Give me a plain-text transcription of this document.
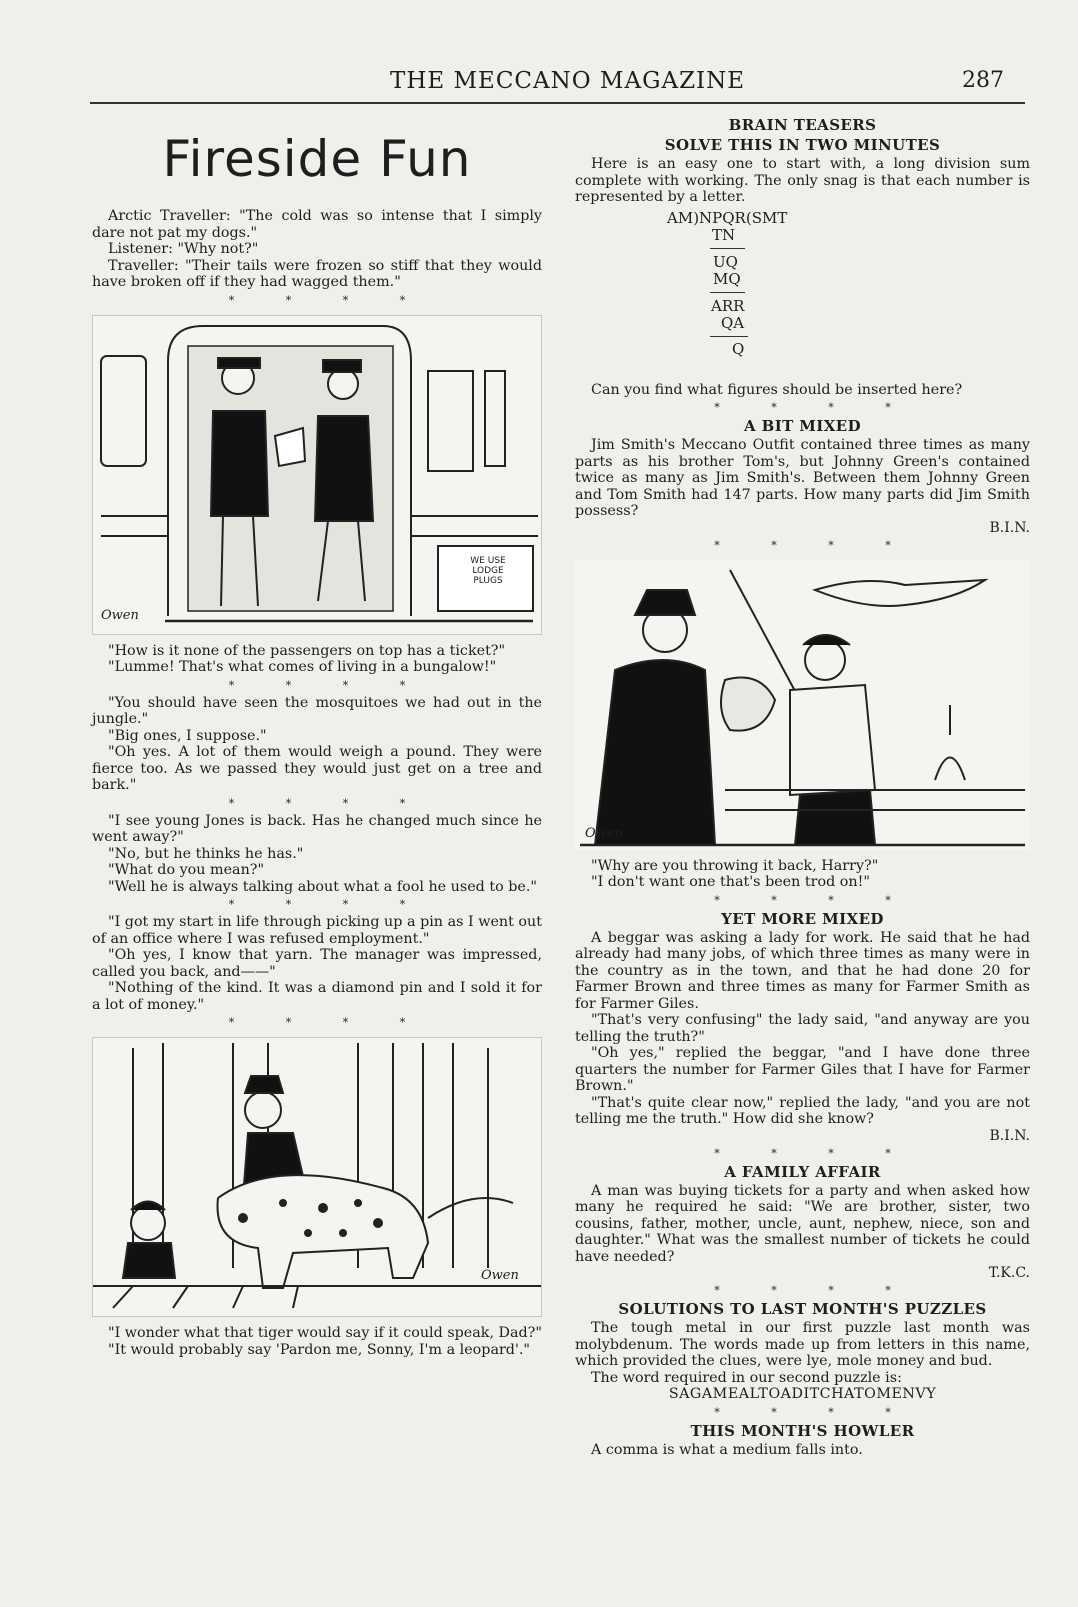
THE MECCANO MAGAZINE	287
Fireside Fun

Arctic Traveller: "The cold was so intense that I simply dare not pat my dogs."

Listener: "Why not?"

Traveller: "Their tails were frozen so stiff that they would have broken off if they had wagged them."

* * * *
WE USE LODGE PLUGS
Owen

"How is it none of the passengers on top has a ticket?"

"Lumme! That's what comes of living in a bungalow!"

* * * *

"You should have seen the mosquitoes we had out in the jungle."

"Big ones, I suppose."

"Oh yes. A lot of them would weigh a pound. They were fierce too. As we passed they would just get on a tree and bark."

* * * *

"I see young Jones is back. Has he changed much since he went away?"

"No, but he thinks he has."

"What do you mean?"

"Well he is always talking about what a fool he used to be."

* * * *

"I got my start in life through picking up a pin as I went out of an office where I was refused employment."

"Oh yes, I know that yarn. The manager was impressed, called you back, and——"

"Nothing of the kind. It was a diamond pin and I sold it for a lot of money."

* * * *
Owen

"I wonder what that tiger would say if it could speak, Dad?"

"It would probably say 'Pardon me, Sonny, I'm a leopard'."

BRAIN TEASERS
SOLVE THIS IN TWO MINUTES

Here is an easy one to start with, a long division sum complete with working. The only snag is that each number is represented by a letter.

AM)NPQR(SMT
TN
UQ
MQ
ARR
QA
Q

Can you find what figures should be inserted here?

* * * *
A BIT MIXED

Jim Smith's Meccano Outfit contained three times as many parts as his brother Tom's, but Johnny Green's contained twice as many as Jim Smith's. Between them Johnny Green and Tom Smith had 147 parts. How many parts did Jim Smith possess?

B.I.N.

* * * *
Owen

"Why are you throwing it back, Harry?"

"I don't want one that's been trod on!"

* * * *
YET MORE MIXED

A beggar was asking a lady for work. He said that he had already had many jobs, of which three times as many were in the country as in the town, and that he had done 20 for Farmer Brown and three times as many for Farmer Smith as for Farmer Giles.

"That's very confusing" the lady said, "and anyway are you telling the truth?"

"Oh yes," replied the beggar, "and I have done three quarters the number for Farmer Giles that I have for Farmer Brown."

"That's quite clear now," replied the lady, "and you are not telling me the truth." How did she know?

B.I.N.

* * * *
A FAMILY AFFAIR

A man was buying tickets for a party and when asked how many he required he said: "We are brother, sister, two cousins, father, mother, uncle, aunt, nephew, niece, son and daughter." What was the smallest number of tickets he could have needed?

T.K.C.

* * * *
SOLUTIONS TO LAST MONTH'S PUZZLES

The tough metal in our first puzzle last month was molybdenum. The words made up from letters in this name, which provided the clues, were lye, mole money and bud.

The word required in our second puzzle is:

SAGAMEALTOADITCHATOMENVY

* * * *
THIS MONTH'S HOWLER

A comma is what a medium falls into.
